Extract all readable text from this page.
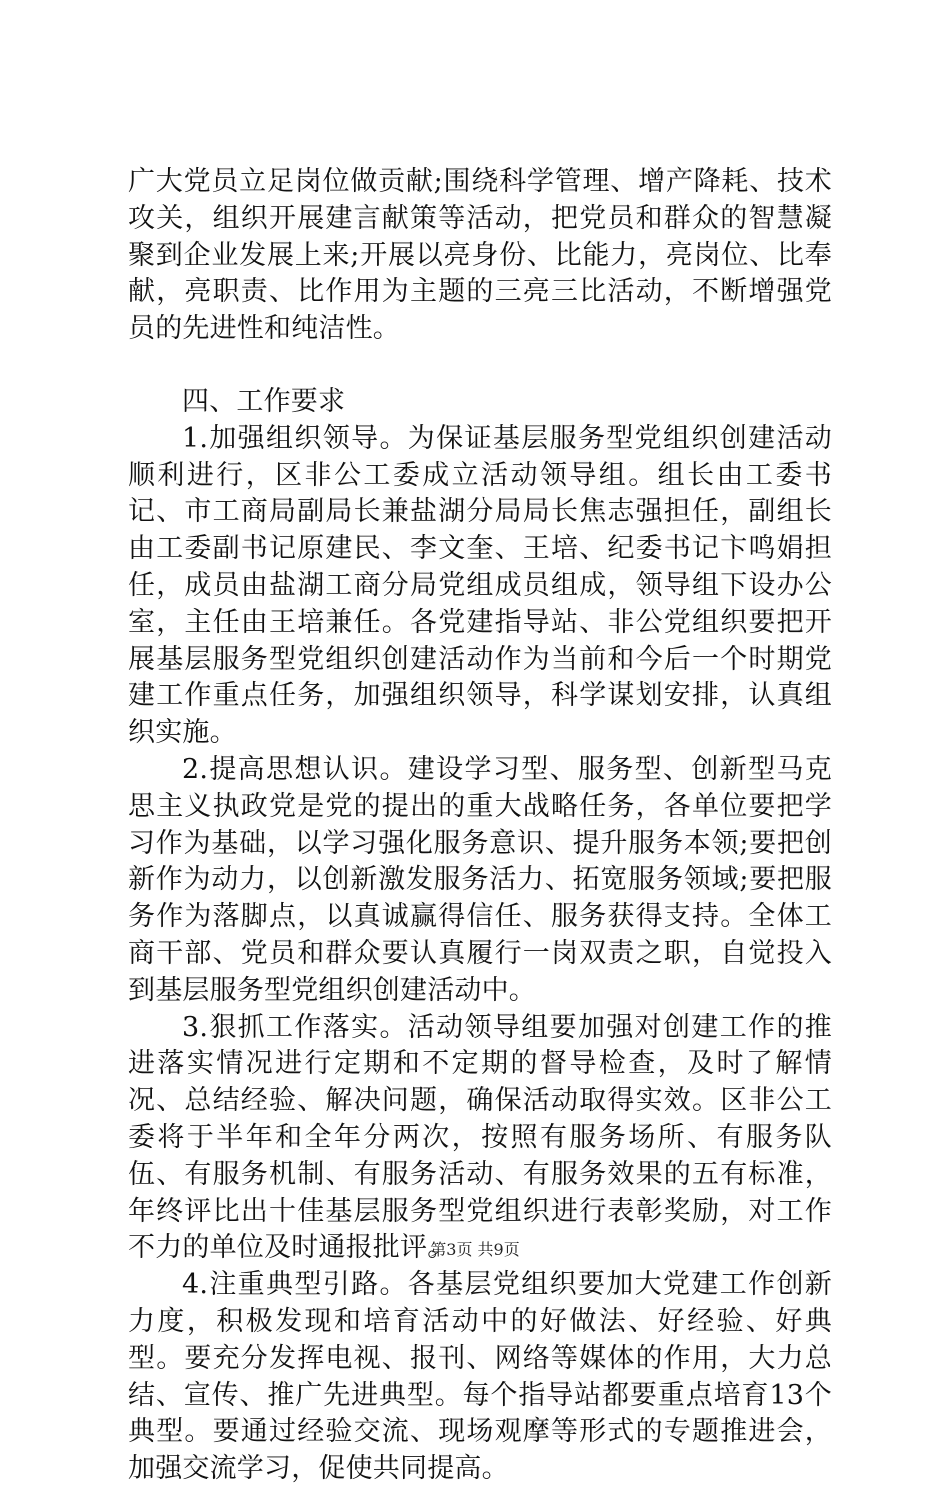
广大党员立足岗位做贡献;围绕科学管理、增产降耗、技术攻关，组织开展建言献策等活动，把党员和群众的智慧凝聚到企业发展上来;开展以亮身份、比能力，亮岗位、比奉献，亮职责、比作用为主题的三亮三比活动，不断增强党员的先进性和纯洁性。

四、工作要求

1.加强组织领导。为保证基层服务型党组织创建活动顺利进行，区非公工委成立活动领导组。组长由工委书记、市工商局副局长兼盐湖分局局长焦志强担任，副组长由工委副书记原建民、李文奎、王培、纪委书记卞鸣娟担任，成员由盐湖工商分局党组成员组成，领导组下设办公室，主任由王培兼任。各党建指导站、非公党组织要把开展基层服务型党组织创建活动作为当前和今后一个时期党建工作重点任务，加强组织领导，科学谋划安排，认真组织实施。

2.提高思想认识。建设学习型、服务型、创新型马克思主义执政党是党的提出的重大战略任务，各单位要把学习作为基础，以学习强化服务意识、提升服务本领;要把创新作为动力，以创新激发服务活力、拓宽服务领域;要把服务作为落脚点，以真诚赢得信任、服务获得支持。全体工商干部、党员和群众要认真履行一岗双责之职，自觉投入到基层服务型党组织创建活动中。

3.狠抓工作落实。活动领导组要加强对创建工作的推进落实情况进行定期和不定期的督导检查，及时了解情况、总结经验、解决问题，确保活动取得实效。区非公工委将于半年和全年分两次，按照有服务场所、有服务队伍、有服务机制、有服务活动、有服务效果的五有标准，年终评比出十佳基层服务型党组织进行表彰奖励，对工作不力的单位及时通报批评。

4.注重典型引路。各基层党组织要加大党建工作创新力度，积极发现和培育活动中的好做法、好经验、好典型。要充分发挥电视、报刊、网络等媒体的作用，大力总结、宣传、推广先进典型。每个指导站都要重点培育13个典型。要通过经验交流、现场观摩等形式的专题推进会，加强交流学习，促使共同提高。

第3页 共9页
